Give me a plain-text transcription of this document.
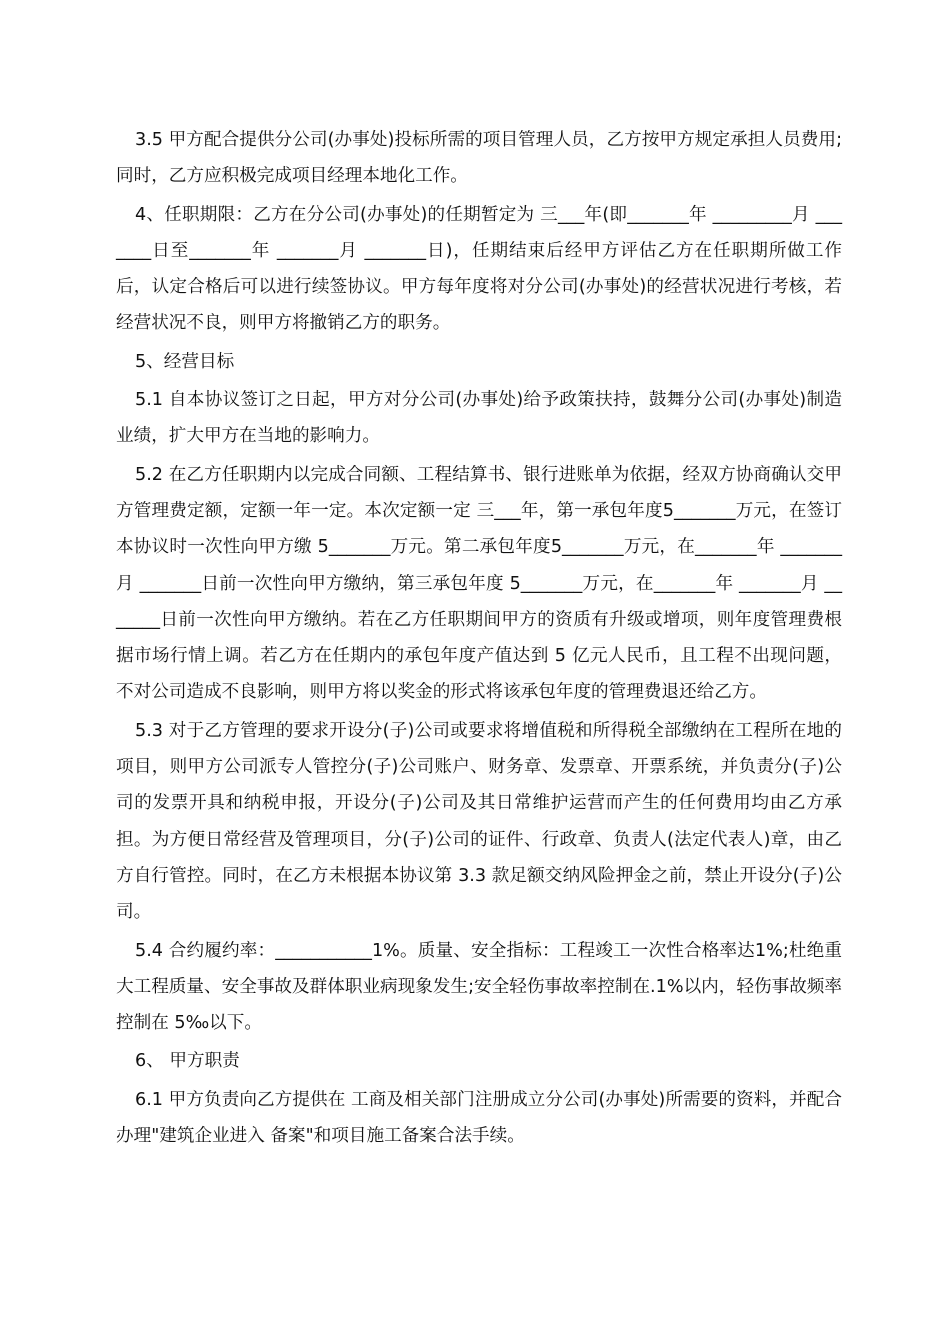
3.5 甲方配合提供分公司(办事处)投标所需的项目管理人员，乙方按甲方规定承担人员费用;同时，乙方应积极完成项目经理本地化工作。

4、任职期限：乙方在分公司(办事处)的任期暂定为 三___年(即_______年 _________月 _______日至_______年 _______月 _______日)，任期结束后经甲方评估乙方在任职期所做工作后，认定合格后可以进行续签协议。甲方每年度将对分公司(办事处)的经营状况进行考核，若经营状况不良，则甲方将撤销乙方的职务。

5、经营目标

5.1 自本协议签订之日起，甲方对分公司(办事处)给予政策扶持，鼓舞分公司(办事处)制造业绩，扩大甲方在当地的影响力。

5.2 在乙方任职期内以完成合同额、工程结算书、银行进账单为依据，经双方协商确认交甲方管理费定额，定额一年一定。本次定额一定 三___年，第一承包年度5_______万元，在签订本协议时一次性向甲方缴 5_______万元。第二承包年度5_______万元，在_______年 _______月 _______日前一次性向甲方缴纳，第三承包年度 5_______万元，在_______年 _______月 _______日前一次性向甲方缴纳。若在乙方任职期间甲方的资质有升级或增项，则年度管理费根据市场行情上调。若乙方在任期内的承包年度产值达到 5 亿元人民币，且工程不出现问题，不对公司造成不良影响，则甲方将以奖金的形式将该承包年度的管理费退还给乙方。

5.3 对于乙方管理的要求开设分(子)公司或要求将增值税和所得税全部缴纳在工程所在地的项目，则甲方公司派专人管控分(子)公司账户、财务章、发票章、开票系统，并负责分(子)公司的发票开具和纳税申报，开设分(子)公司及其日常维护运营而产生的任何费用均由乙方承担。为方便日常经营及管理项目，分(子)公司的证件、行政章、负责人(法定代表人)章，由乙方自行管控。同时，在乙方未根据本协议第 3.3 款足额交纳风险押金之前，禁止开设分(子)公司。

5.4 合约履约率：___________1%。质量、安全指标：工程竣工一次性合格率达1%;杜绝重大工程质量、安全事故及群体职业病现象发生;安全轻伤事故率控制在.1%以内，轻伤事故频率控制在 5‰以下。

6、 甲方职责

6.1 甲方负责向乙方提供在 工商及相关部门注册成立分公司(办事处)所需要的资料，并配合办理"建筑企业进入 备案"和项目施工备案合法手续。
